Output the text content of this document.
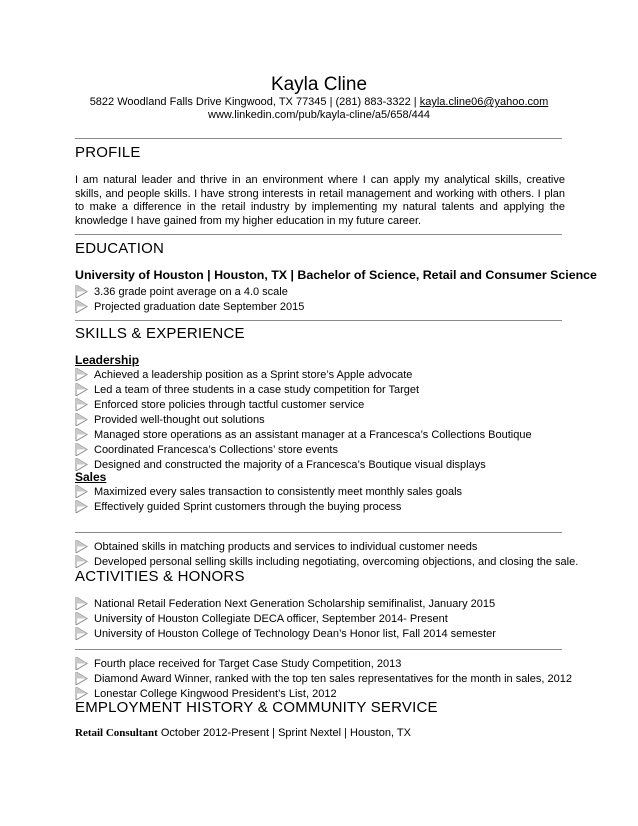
Kayla Cline
5822 Woodland Falls Drive Kingwood, TX 77345 | (281) 883-3322 | kayla.cline06@yahoo.com
www.linkedin.com/pub/kayla-cline/a5/658/444
PROFILE
I am natural leader and thrive in an environment where I can apply my analytical skills, creative skills, and people skills. I have strong interests in retail management and working with others. I plan to make a difference in the retail industry by implementing my natural talents and applying the knowledge I have gained from my higher education in my future career.
EDUCATION
University of Houston | Houston, TX | Bachelor of Science, Retail and Consumer Science
3.36 grade point average on a 4.0 scale
Projected graduation date September 2015
SKILLS & EXPERIENCE
Leadership
Achieved a leadership position as a Sprint store’s Apple advocate
Led a team of three students in a case study competition for Target
Enforced store policies through tactful customer service
Provided well-thought out solutions
Managed store operations as an assistant manager at a Francesca’s Collections Boutique
Coordinated Francesca’s Collections’ store events
Designed and constructed the majority of a Francesca’s Boutique visual displays
Sales
Maximized every sales transaction to consistently meet monthly sales goals
Effectively guided Sprint customers through the buying process
Obtained skills in matching products and services to individual customer needs
Developed personal selling skills including negotiating, overcoming objections, and closing the sale.
ACTIVITIES & HONORS
National Retail Federation Next Generation Scholarship semifinalist, January 2015
University of Houston Collegiate DECA officer, September 2014- Present
University of Houston College of Technology Dean’s Honor list, Fall 2014 semester
Fourth place received for Target Case Study Competition, 2013
Diamond Award Winner, ranked with the top ten sales representatives for the month in sales, 2012
Lonestar College Kingwood President’s List, 2012
EMPLOYMENT HISTORY & COMMUNITY SERVICE
Retail Consultant October 2012-Present | Sprint Nextel | Houston, TX
